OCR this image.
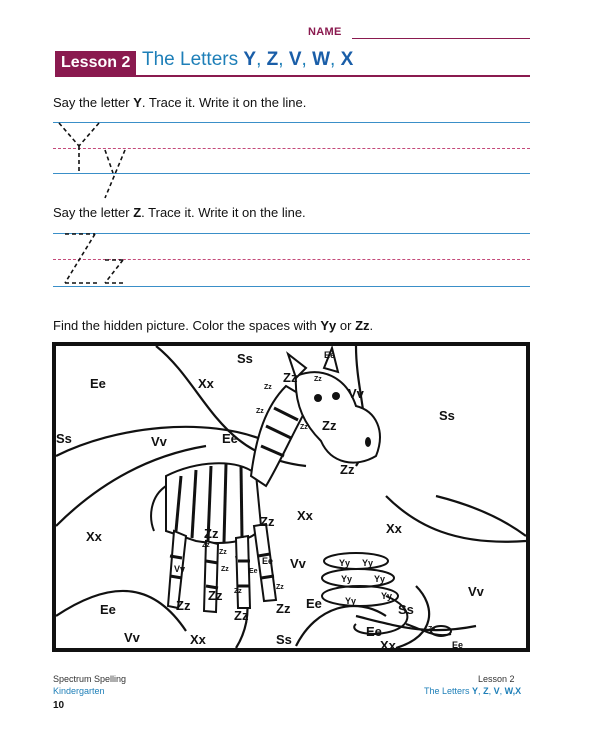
NAME
Lesson 2 The Letters Y, Z, V, W, X
Say the letter Y. Trace it. Write it on the line.
Say the letter Z. Trace it. Write it on the line.
Find the hidden picture. Color the spaces with Yy or Zz.
Ss	Ee
Ee	Xx	Zz
Zz
Zz
Vv
Ss
Ss
Zz
Vv	Ee
Zz Zz
Zz
Xx
Zz
Xx	Zz
Zz
Zz
Xx
Vv	Yy Yy
Yy Yy
Vv
Ee
Yy	Yy
Ss
Vv
Zz
Zz Zz
Zz
Ee
Ee
Zz
Zz
Zz
Ee
Vv	Xx	Ss	Xx	Ee
Ee
Zz
Spectrum Spelling
Kindergarten
10
Lesson 2
The Letters Y, Z, V, W,X
